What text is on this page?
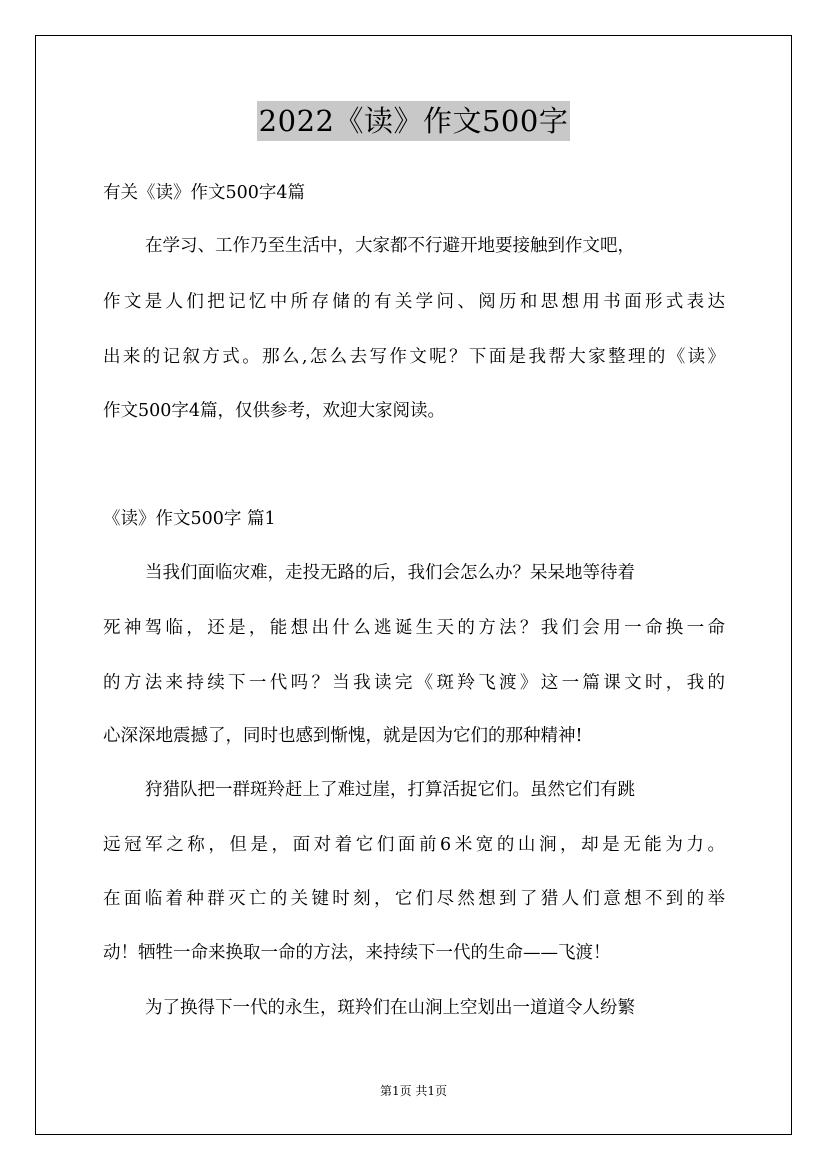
2022《读》作文500字
有关《读》作文500字4篇
在学习、工作乃至生活中，大家都不行避开地要接触到作文吧，
作文是人们把记忆中所存储的有关学问、阅历和思想用书面形式表达
出来的记叙方式。那么,怎么去写作文呢？下面是我帮大家整理的《读》
作文500字4篇，仅供参考，欢迎大家阅读。
《读》作文500字 篇1
当我们面临灾难，走投无路的后，我们会怎么办？呆呆地等待着
死神驾临，还是，能想出什么逃诞生天的方法？我们会用一命换一命
的方法来持续下一代吗？当我读完《斑羚飞渡》这一篇课文时，我的
心深深地震撼了，同时也感到惭愧，就是因为它们的那种精神!
狩猎队把一群斑羚赶上了难过崖，打算活捉它们。虽然它们有跳
远冠军之称，但是，面对着它们面前6米宽的山涧，却是无能为力。
在面临着种群灭亡的关键时刻，它们尽然想到了猎人们意想不到的举
动！牺牲一命来换取一命的方法，来持续下一代的生命——飞渡！
为了换得下一代的永生，斑羚们在山涧上空划出一道道令人纷繁
第1页 共1页
